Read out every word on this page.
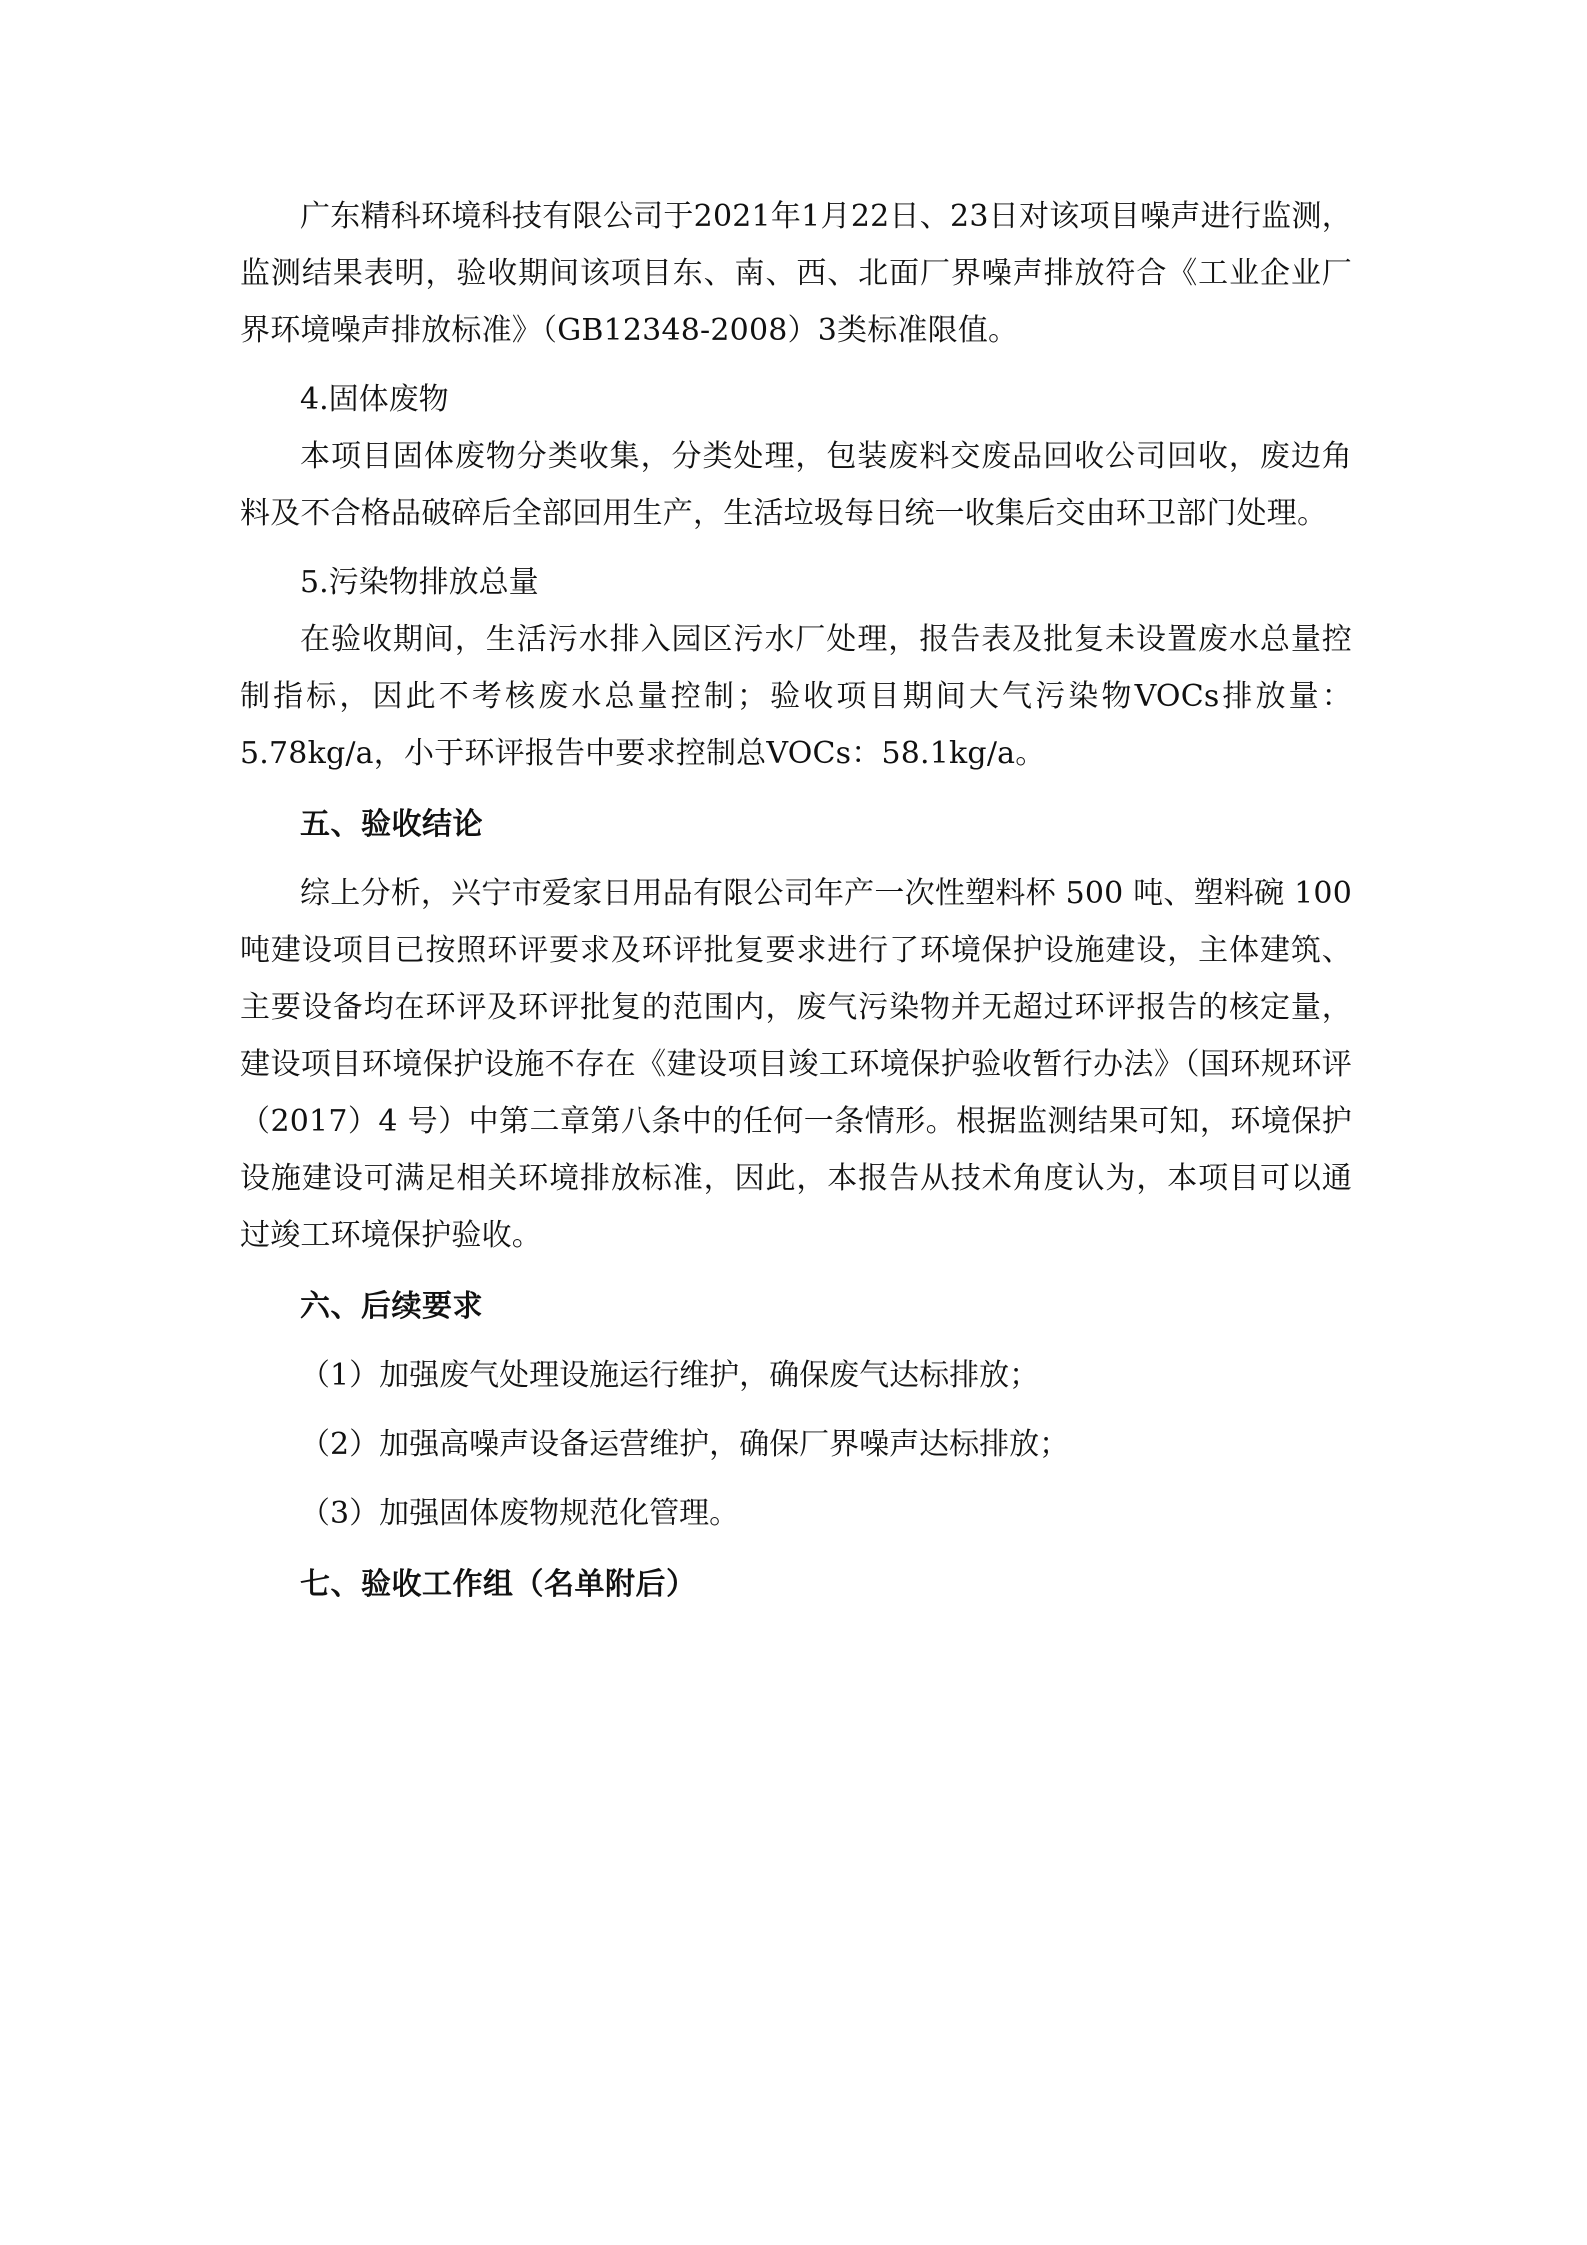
广东精科环境科技有限公司于2021年1月22日、23日对该项目噪声进行监测，监测结果表明，验收期间该项目东、南、西、北面厂界噪声排放符合《工业企业厂界环境噪声排放标准》（GB12348-2008）3类标准限值。

4.固体废物

本项目固体废物分类收集，分类处理，包装废料交废品回收公司回收，废边角料及不合格品破碎后全部回用生产，生活垃圾每日统一收集后交由环卫部门处理。

5.污染物排放总量

在验收期间，生活污水排入园区污水厂处理，报告表及批复未设置废水总量控制指标，因此不考核废水总量控制；验收项目期间大气污染物VOCs排放量：5.78kg/a，小于环评报告中要求控制总VOCs：58.1kg/a。

五、验收结论

综上分析，兴宁市爱家日用品有限公司年产一次性塑料杯 500 吨、塑料碗 100 吨建设项目已按照环评要求及环评批复要求进行了环境保护设施建设，主体建筑、主要设备均在环评及环评批复的范围内，废气污染物并无超过环评报告的核定量，建设项目环境保护设施不存在《建设项目竣工环境保护验收暂行办法》（国环规环评（2017）4 号）中第二章第八条中的任何一条情形。根据监测结果可知，环境保护设施建设可满足相关环境排放标准，因此，本报告从技术角度认为，本项目可以通过竣工环境保护验收。

六、后续要求

（1）加强废气处理设施运行维护，确保废气达标排放；

（2）加强高噪声设备运营维护，确保厂界噪声达标排放；

（3）加强固体废物规范化管理。

七、验收工作组（名单附后）
